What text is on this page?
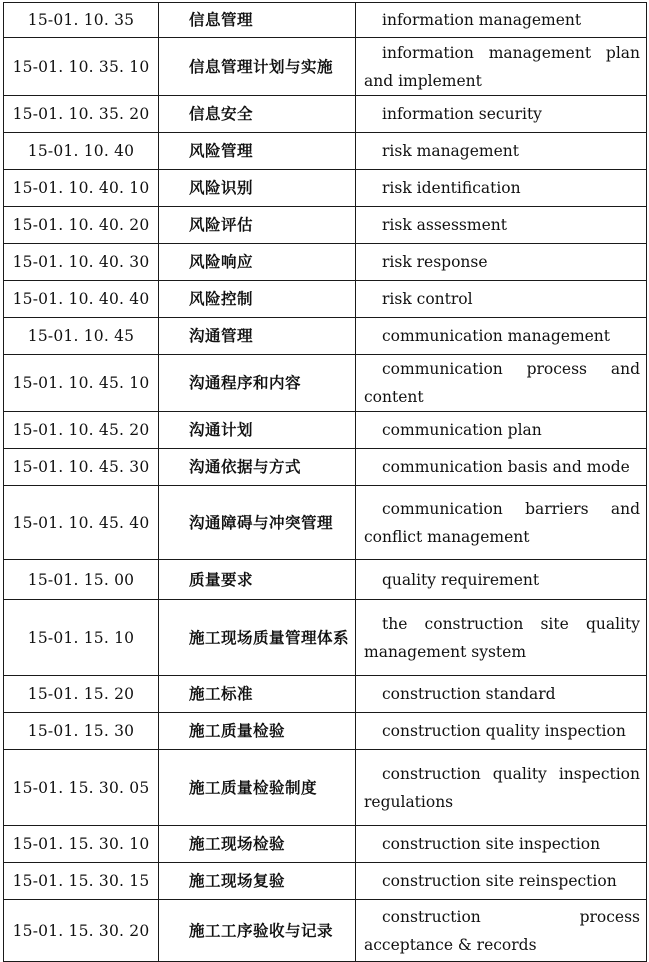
15-01. 10. 35	信息管理	information management
15-01. 10. 35. 10	信息管理计划与实施	information management plan and implement
15-01. 10. 35. 20	信息安全	information security
15-01. 10. 40	风险管理	risk management
15-01. 10. 40. 10	风险识别	risk identification
15-01. 10. 40. 20	风险评估	risk assessment
15-01. 10. 40. 30	风险响应	risk response
15-01. 10. 40. 40	风险控制	risk control
15-01. 10. 45	沟通管理	communication management
15-01. 10. 45. 10	沟通程序和内容	communication process and content
15-01. 10. 45. 20	沟通计划	communication plan
15-01. 10. 45. 30	沟通依据与方式	communication basis and mode
15-01. 10. 45. 40	沟通障碍与冲突管理	communication barriers and conflict management
15-01. 15. 00	质量要求	quality requirement
15-01. 15. 10	施工现场质量管理体系	the construction site quality management system
15-01. 15. 20	施工标准	construction standard
15-01. 15. 30	施工质量检验	construction quality inspection
15-01. 15. 30. 05	施工质量检验制度	construction quality inspection regulations
15-01. 15. 30. 10	施工现场检验	construction site inspection
15-01. 15. 30. 15	施工现场复验	construction site reinspection
15-01. 15. 30. 20	施工工序验收与记录	construction process acceptance & records
